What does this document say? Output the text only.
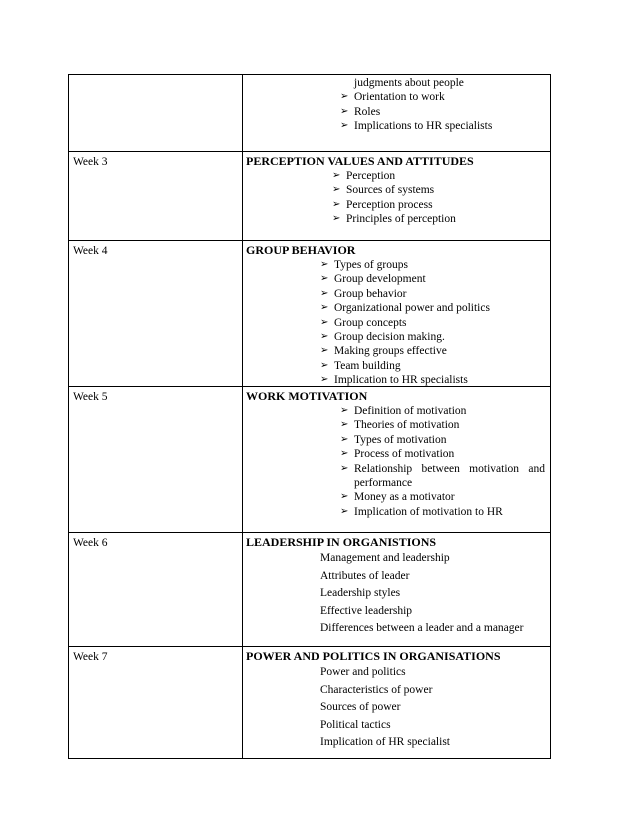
judgments about people
➢ Orientation to work
➢ Roles
➢ Implications to HR specialists
Week 3	PERCEPTION VALUES AND ATTITUDES
➢ Perception
➢ Sources of systems
➢ Perception process
➢ Principles of perception
Week 4	GROUP BEHAVIOR
➢ Types of groups
➢ Group development
➢ Group behavior
➢ Organizational power and politics
➢ Group concepts
➢ Group decision making.
➢ Making groups effective
➢ Team building
➢ Implication to HR specialists
Week 5	WORK MOTIVATION
➢ Definition of motivation
➢ Theories of motivation
➢ Types of motivation
➢ Process of motivation
➢ Relationship between motivation and performance
➢ Money as a motivator
➢ Implication of motivation to HR
Week 6	LEADERSHIP IN ORGANISTIONS
Management and leadership
Attributes of leader
Leadership styles
Effective leadership
Differences between a leader and a manager
Week 7	POWER AND POLITICS IN ORGANISATIONS
Power and politics
Characteristics of power
Sources of power
Political tactics
Implication of HR specialist
